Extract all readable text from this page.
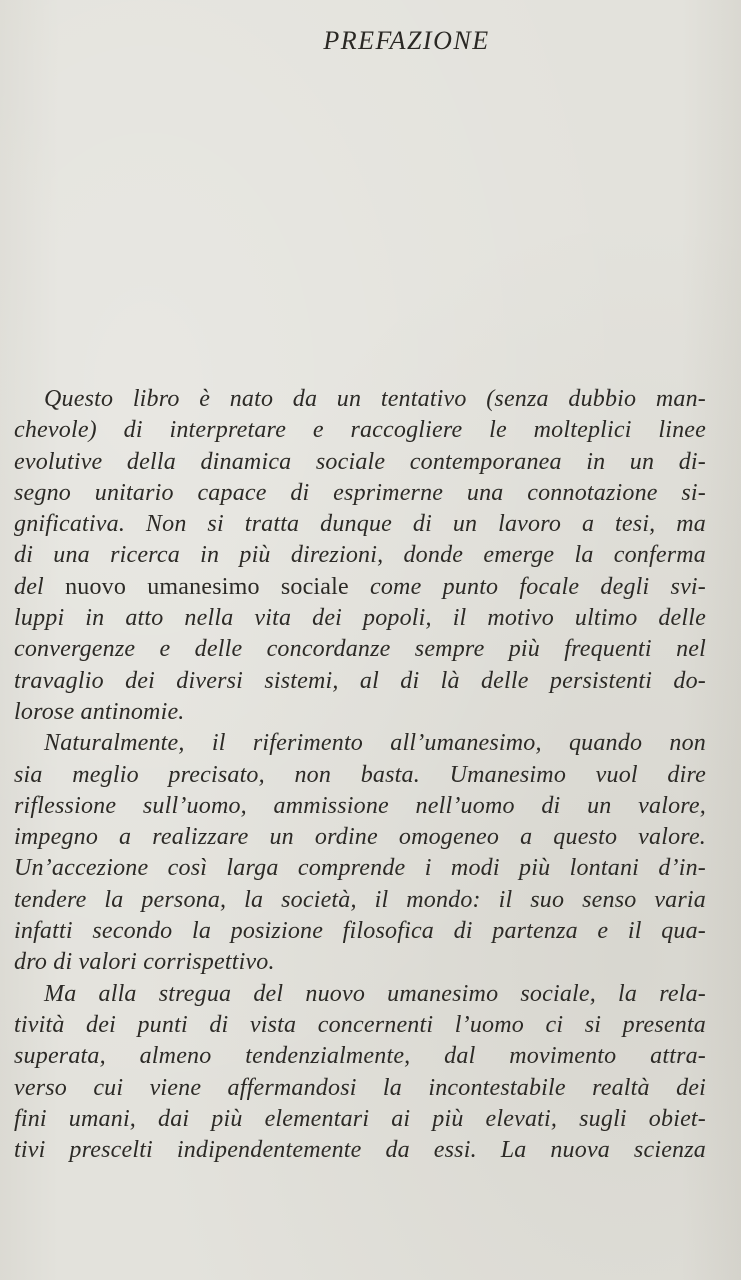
PREFAZIONE
Questo libro è nato da un tentativo (senza dubbio man-
chevole) di interpretare e raccogliere le molteplici linee
evolutive della dinamica sociale contemporanea in un di-
segno unitario capace di esprimerne una connotazione si-
gnificativa. Non si tratta dunque di un lavoro a tesi, ma
di una ricerca in più direzioni, donde emerge la conferma
del nuovo umanesimo sociale come punto focale degli svi-
luppi in atto nella vita dei popoli, il motivo ultimo delle
convergenze e delle concordanze sempre più frequenti nel
travaglio dei diversi sistemi, al di là delle persistenti do-
lorose antinomie.
Naturalmente, il riferimento all’umanesimo, quando non
sia meglio precisato, non basta. Umanesimo vuol dire
riflessione sull’uomo, ammissione nell’uomo di un valore,
impegno a realizzare un ordine omogeneo a questo valore.
Un’accezione così larga comprende i modi più lontani d’in-
tendere la persona, la società, il mondo: il suo senso varia
infatti secondo la posizione filosofica di partenza e il qua-
dro di valori corrispettivo.
Ma alla stregua del nuovo umanesimo sociale, la rela-
tività dei punti di vista concernenti l’uomo ci si presenta
superata, almeno tendenzialmente, dal movimento attra-
verso cui viene affermandosi la incontestabile realtà dei
fini umani, dai più elementari ai più elevati, sugli obiet-
tivi prescelti indipendentemente da essi. La nuova scienza
